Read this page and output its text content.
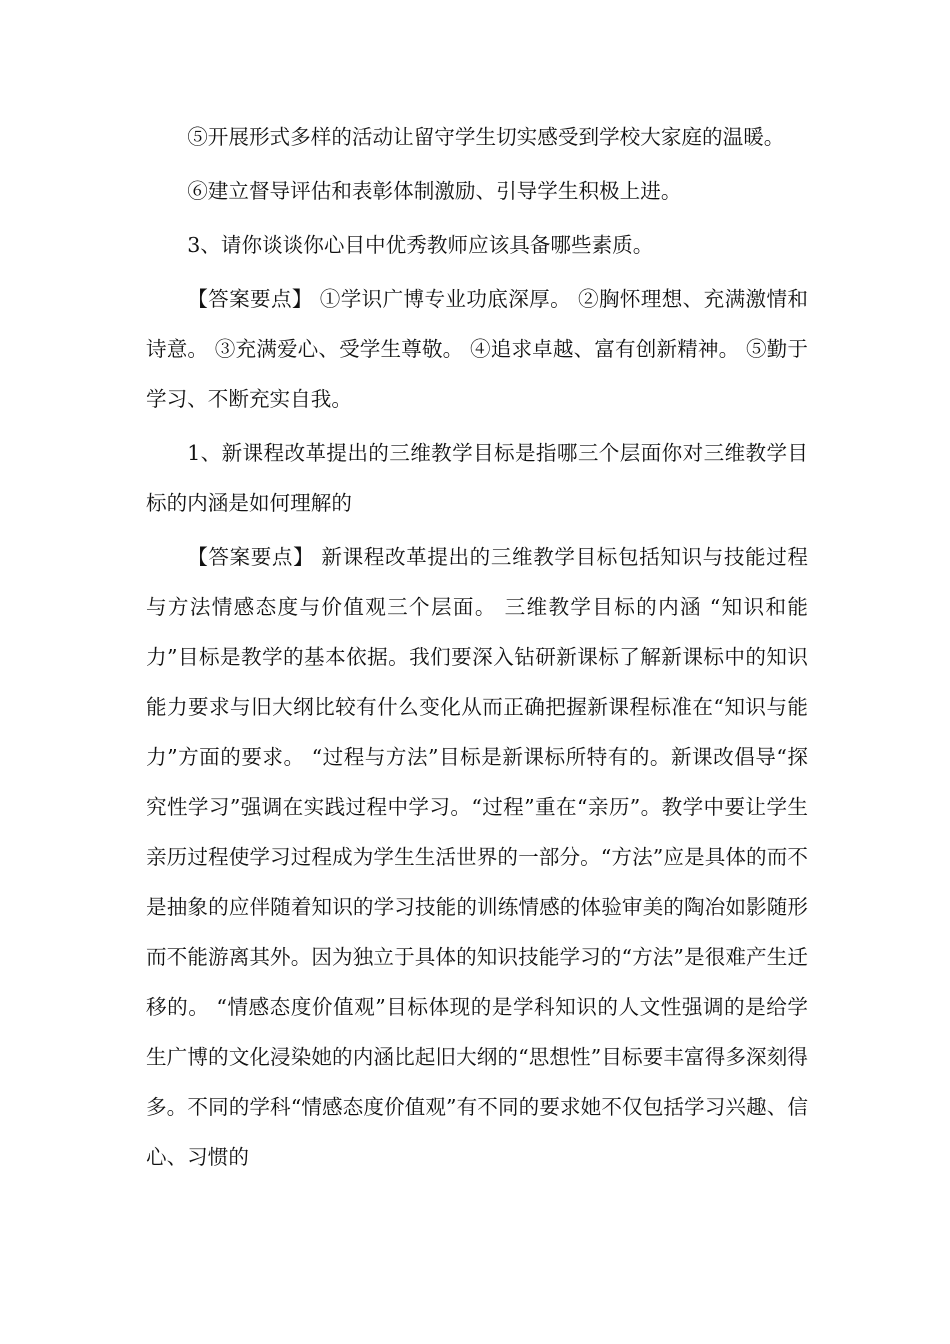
⑤开展形式多样的活动让留守学生切实感受到学校大家庭的温暖。

⑥建立督导评估和表彰体制激励、引导学生积极上进。

3、请你谈谈你心目中优秀教师应该具备哪些素质。

【答案要点】 ①学识广博专业功底深厚。 ②胸怀理想、充满激情和诗意。 ③充满爱心、受学生尊敬。 ④追求卓越、富有创新精神。 ⑤勤于学习、不断充实自我。

1、新课程改革提出的三维教学目标是指哪三个层面你对三维教学目标的内涵是如何理解的

【答案要点】 新课程改革提出的三维教学目标包括知识与技能过程与方法情感态度与价值观三个层面。 三维教学目标的内涵 “知识和能力”目标是教学的基本依据。我们要深入钻研新课标了解新课标中的知识能力要求与旧大纲比较有什么变化从而正确把握新课程标准在“知识与能力”方面的要求。 “过程与方法”目标是新课标所特有的。新课改倡导“探究性学习”强调在实践过程中学习。“过程”重在“亲历”。教学中要让学生亲历过程使学习过程成为学生生活世界的一部分。“方法”应是具体的而不是抽象的应伴随着知识的学习技能的训练情感的体验审美的陶冶如影随形而不能游离其外。因为独立于具体的知识技能学习的“方法”是很难产生迁移的。 “情感态度价值观”目标体现的是学科知识的人文性强调的是给学生广博的文化浸染她的内涵比起旧大纲的“思想性”目标要丰富得多深刻得多。不同的学科“情感态度价值观”有不同的要求她不仅包括学习兴趣、信心、习惯的
